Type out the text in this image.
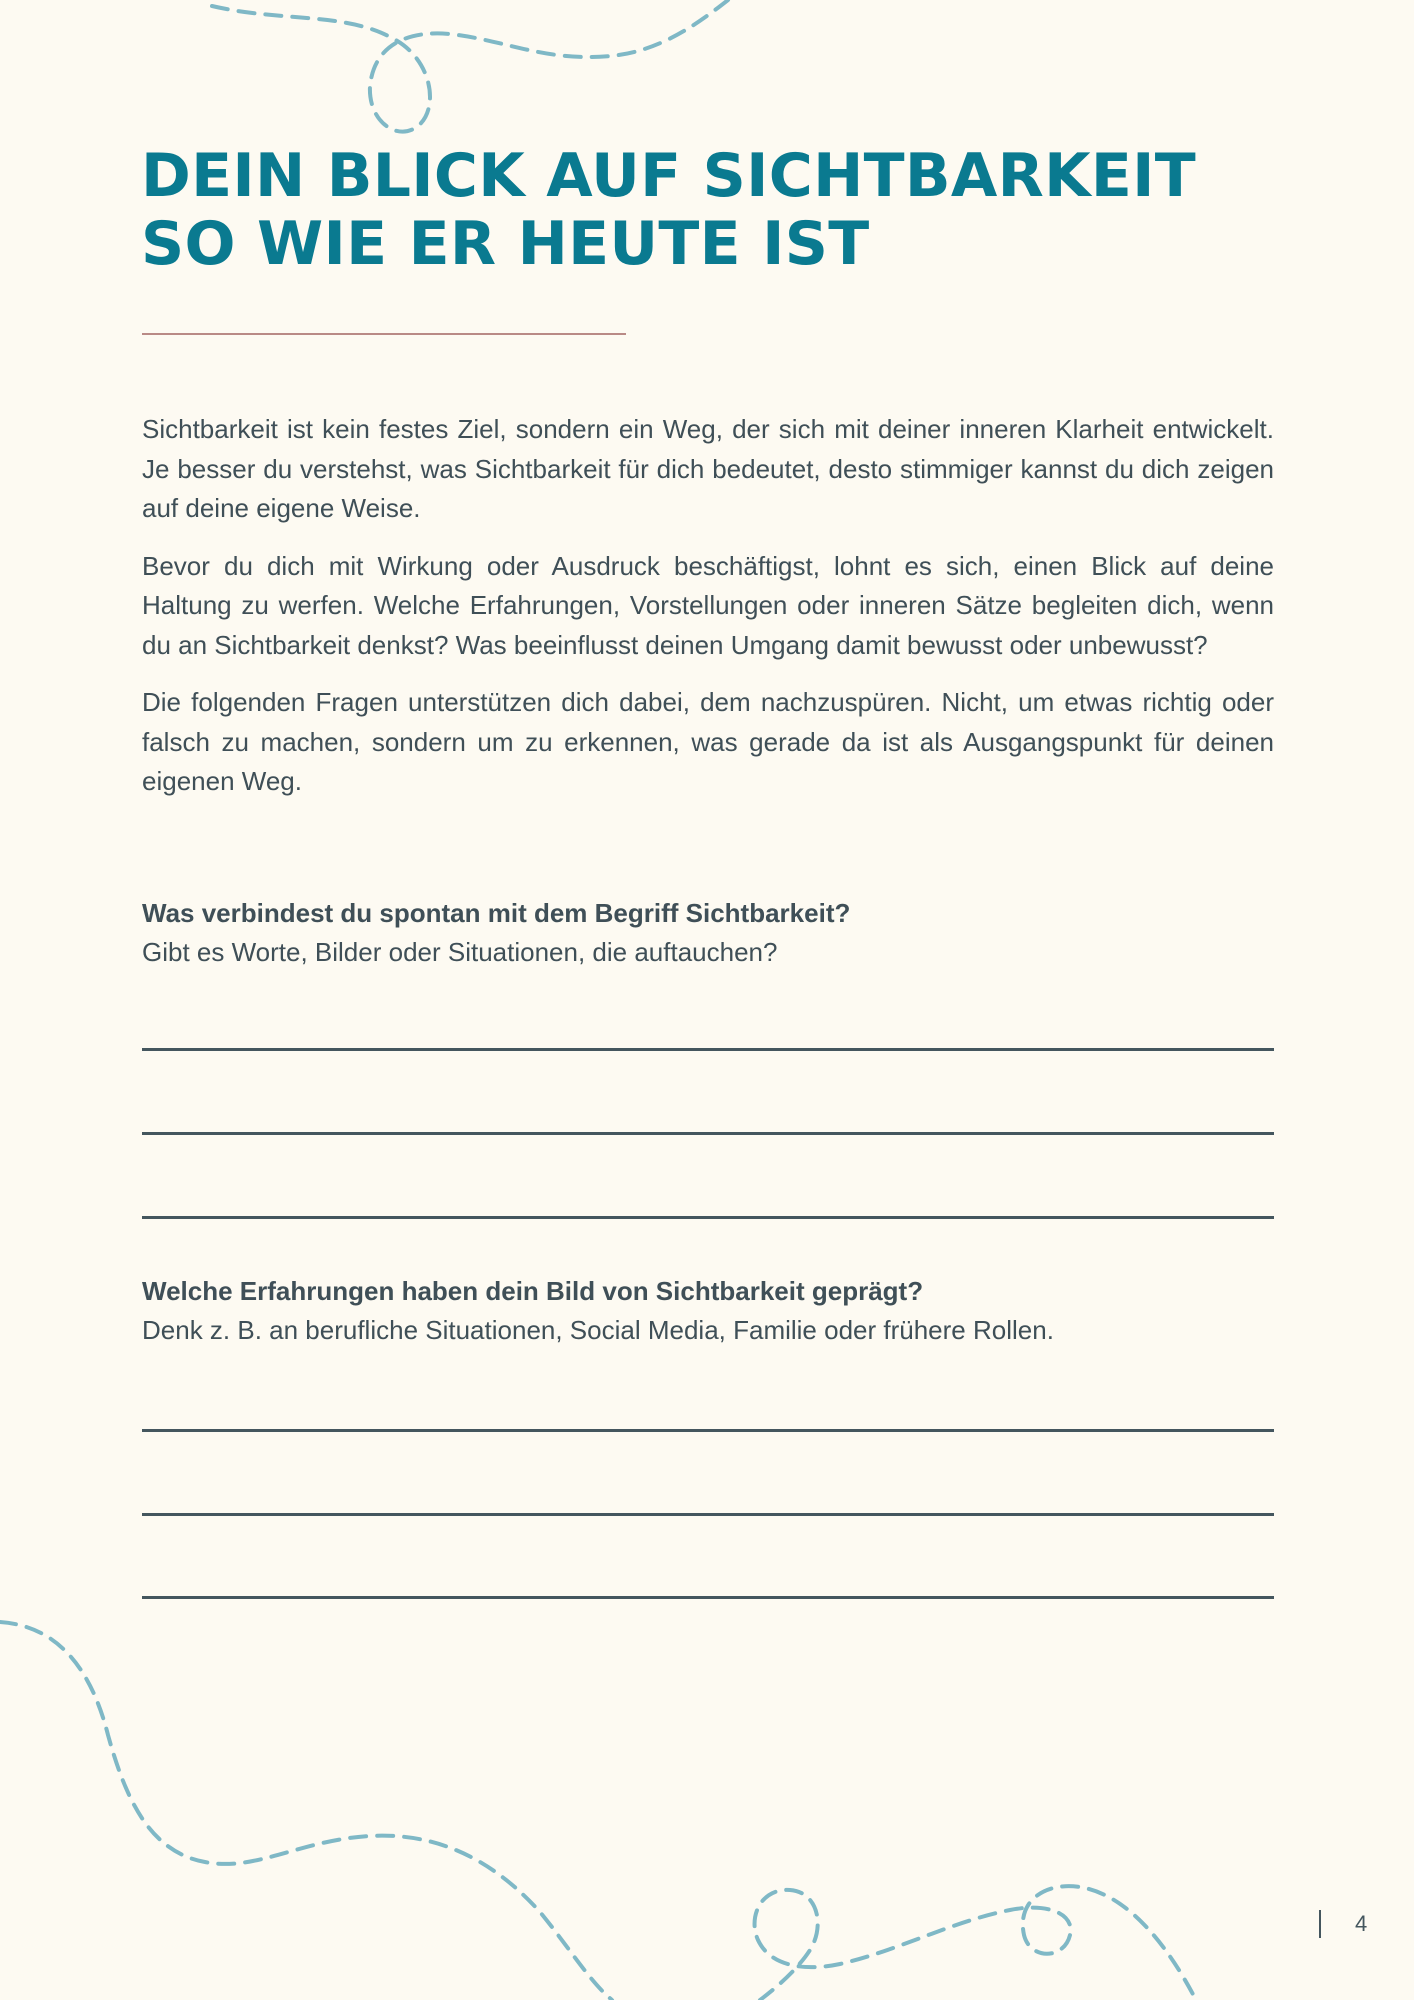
DEIN BLICK AUF SICHTBARKEIT
SO WIE ER HEUTE IST

Sichtbarkeit ist kein festes Ziel, sondern ein Weg, der sich mit deiner inneren Klarheit entwickelt. Je besser du verstehst, was Sichtbarkeit für dich bedeutet, desto stimmiger kannst du dich zeigen auf deine eigene Weise.

Bevor du dich mit Wirkung oder Ausdruck beschäftigst, lohnt es sich, einen Blick auf deine Haltung zu werfen. Welche Erfahrungen, Vorstellungen oder inneren Sätze begleiten dich, wenn du an Sichtbarkeit denkst? Was beeinflusst deinen Umgang damit bewusst oder unbewusst?

Die folgenden Fragen unterstützen dich dabei, dem nachzuspüren. Nicht, um etwas richtig oder falsch zu machen, sondern um zu erkennen, was gerade da ist als Ausgangspunkt für deinen eigenen Weg.

Was verbindest du spontan mit dem Begriff Sichtbarkeit?

Gibt es Worte, Bilder oder Situationen, die auftauchen?

Welche Erfahrungen haben dein Bild von Sichtbarkeit geprägt?

Denk z. B. an berufliche Situationen, Social Media, Familie oder frühere Rollen.

4
